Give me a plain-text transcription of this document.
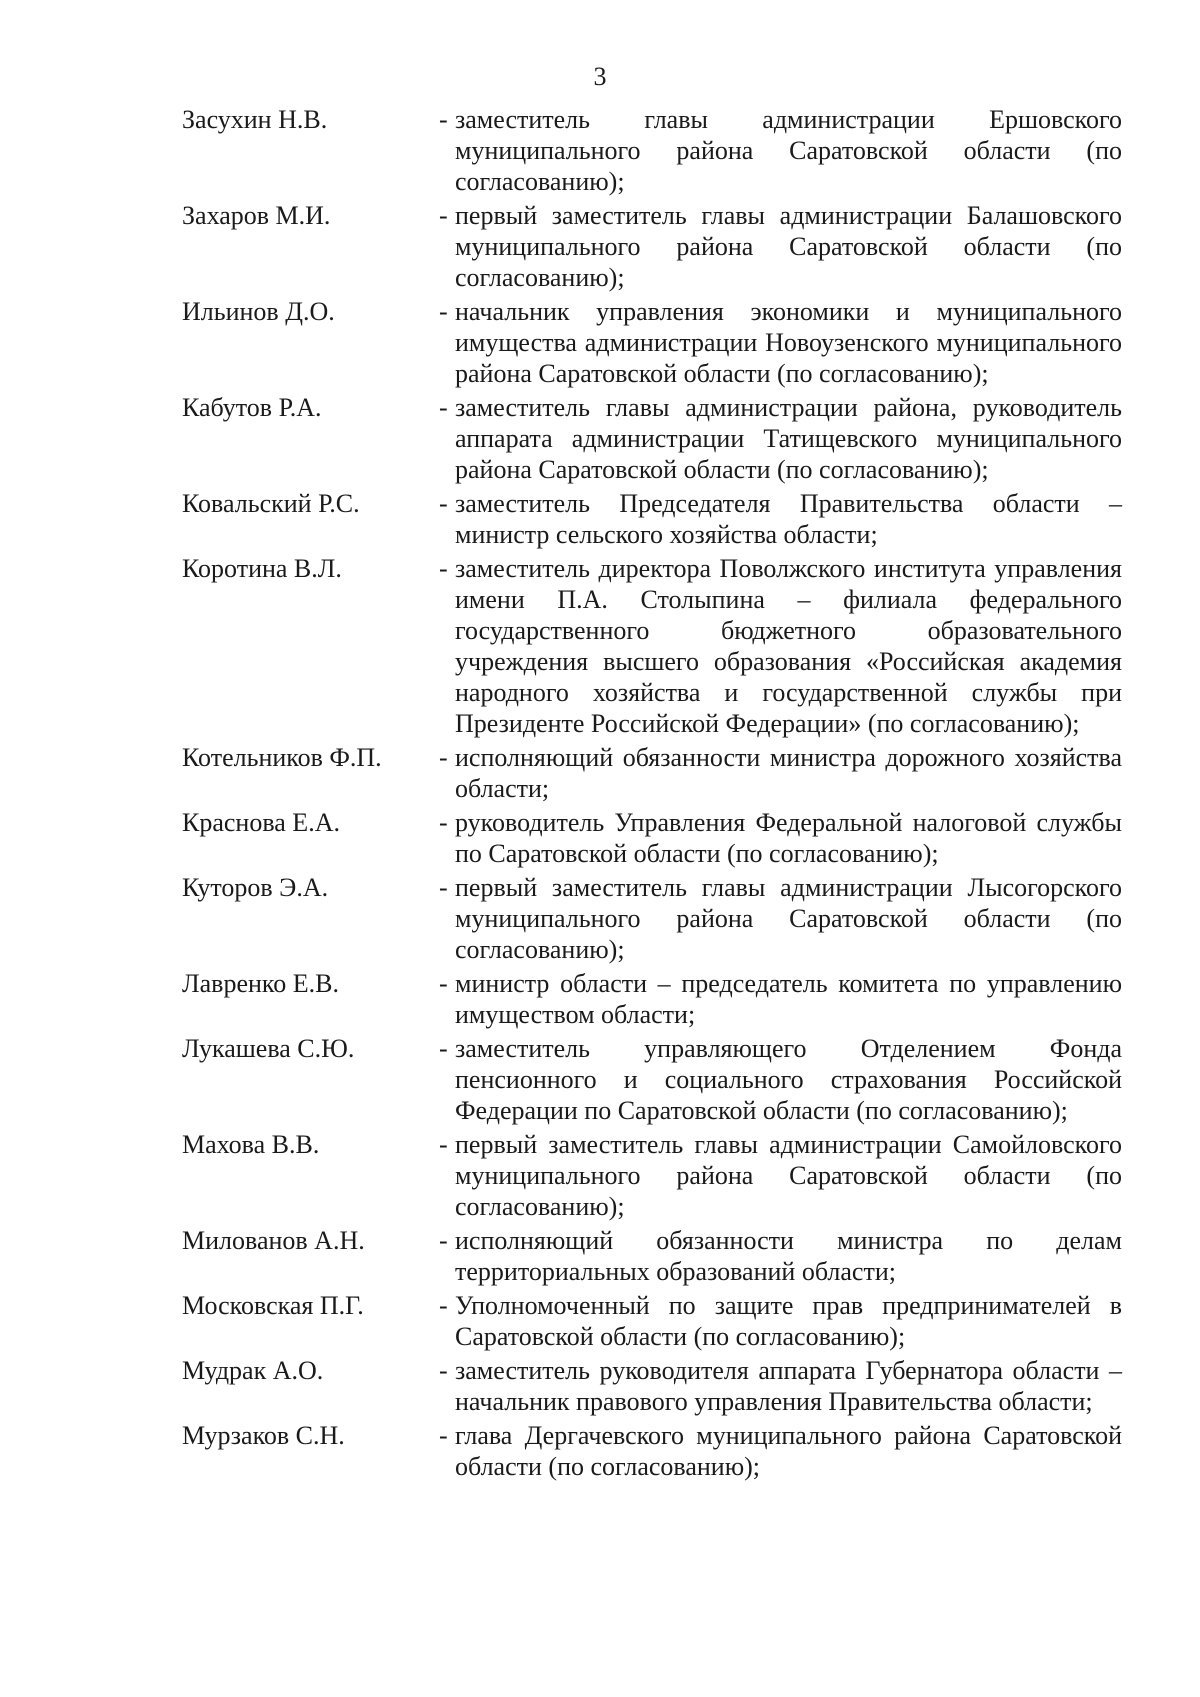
3
Засухин Н.В.	- заместитель главы администрации Ершовского муниципального района Саратовской области (по согласованию);
Захаров М.И.	- первый заместитель главы администрации Балашовского муниципального района Саратовской области (по согласованию);
Ильинов Д.О.	- начальник управления экономики и муниципального имущества администрации Новоузенского муниципального района Саратовской области (по согласованию);
Кабутов Р.А.	- заместитель главы администрации района, руководитель аппарата администрации Татищевского муниципального района Саратовской области (по согласованию);
Ковальский Р.С.	- заместитель Председателя Правительства области – министр сельского хозяйства области;
Коротина В.Л.	- заместитель директора Поволжского института управления имени П.А. Столыпина – филиала федерального государственного бюджетного образовательного учреждения высшего образования «Российская академия народного хозяйства и государственной службы при Президенте Российской Федерации» (по согласованию);
Котельников Ф.П.	- исполняющий обязанности министра дорожного хозяйства области;
Краснова Е.А.	- руководитель Управления Федеральной налоговой службы по Саратовской области (по согласованию);
Куторов Э.А.	- первый заместитель главы администрации Лысогорского муниципального района Саратовской области (по согласованию);
Лавренко Е.В.	- министр области – председатель комитета по управлению имуществом области;
Лукашева С.Ю.	- заместитель управляющего Отделением Фонда пенсионного и социального страхования Российской Федерации по Саратовской области (по согласованию);
Махова В.В.	- первый заместитель главы администрации Самойловского муниципального района Саратовской области (по согласованию);
Милованов А.Н.	- исполняющий обязанности министра по делам территориальных образований области;
Московская П.Г.	- Уполномоченный по защите прав предпринимателей в Саратовской области (по согласованию);
Мудрак А.О.	- заместитель руководителя аппарата Губернатора области – начальник правового управления Правительства области;
Мурзаков С.Н.	- глава Дергачевского муниципального района Саратовской области (по согласованию);
